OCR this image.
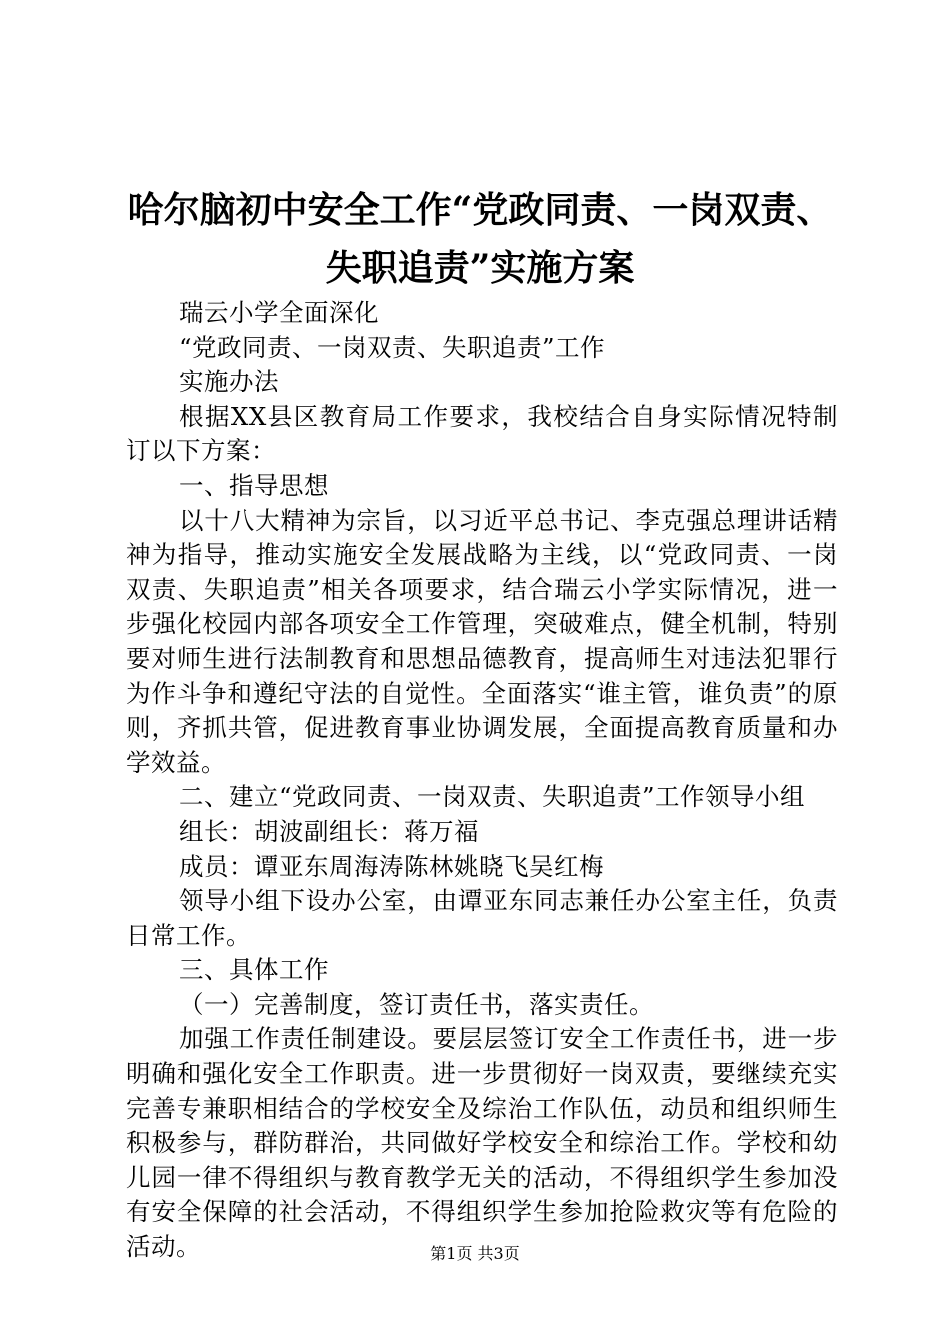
哈尔脑初中安全工作“党政同责、一岗双责、
失职追责”实施方案

瑞云小学全面深化

“党政同责、一岗双责、失职追责”工作

实施办法

根据XX县区教育局工作要求，我校结合自身实际情况特制订以下方案：

一、指导思想

以十八大精神为宗旨，以习近平总书记、李克强总理讲话精神为指导，推动实施安全发展战略为主线，以“党政同责、一岗双责、失职追责”相关各项要求，结合瑞云小学实际情况，进一步强化校园内部各项安全工作管理，突破难点，健全机制，特别要对师生进行法制教育和思想品德教育，提高师生对违法犯罪行为作斗争和遵纪守法的自觉性。全面落实“谁主管，谁负责”的原则，齐抓共管，促进教育事业协调发展，全面提高教育质量和办学效益。

二、建立“党政同责、一岗双责、失职追责”工作领导小组

组长：胡波副组长：蒋万福

成员：谭亚东周海涛陈林姚晓飞吴红梅

领导小组下设办公室，由谭亚东同志兼任办公室主任，负责日常工作。

三、具体工作

（一）完善制度，签订责任书，落实责任。

加强工作责任制建设。要层层签订安全工作责任书，进一步明确和强化安全工作职责。进一步贯彻好一岗双责，要继续充实完善专兼职相结合的学校安全及综治工作队伍，动员和组织师生积极参与，群防群治，共同做好学校安全和综治工作。学校和幼儿园一律不得组织与教育教学无关的活动，不得组织学生参加没有安全保障的社会活动，不得组织学生参加抢险救灾等有危险的活动。	第1页 共3页
